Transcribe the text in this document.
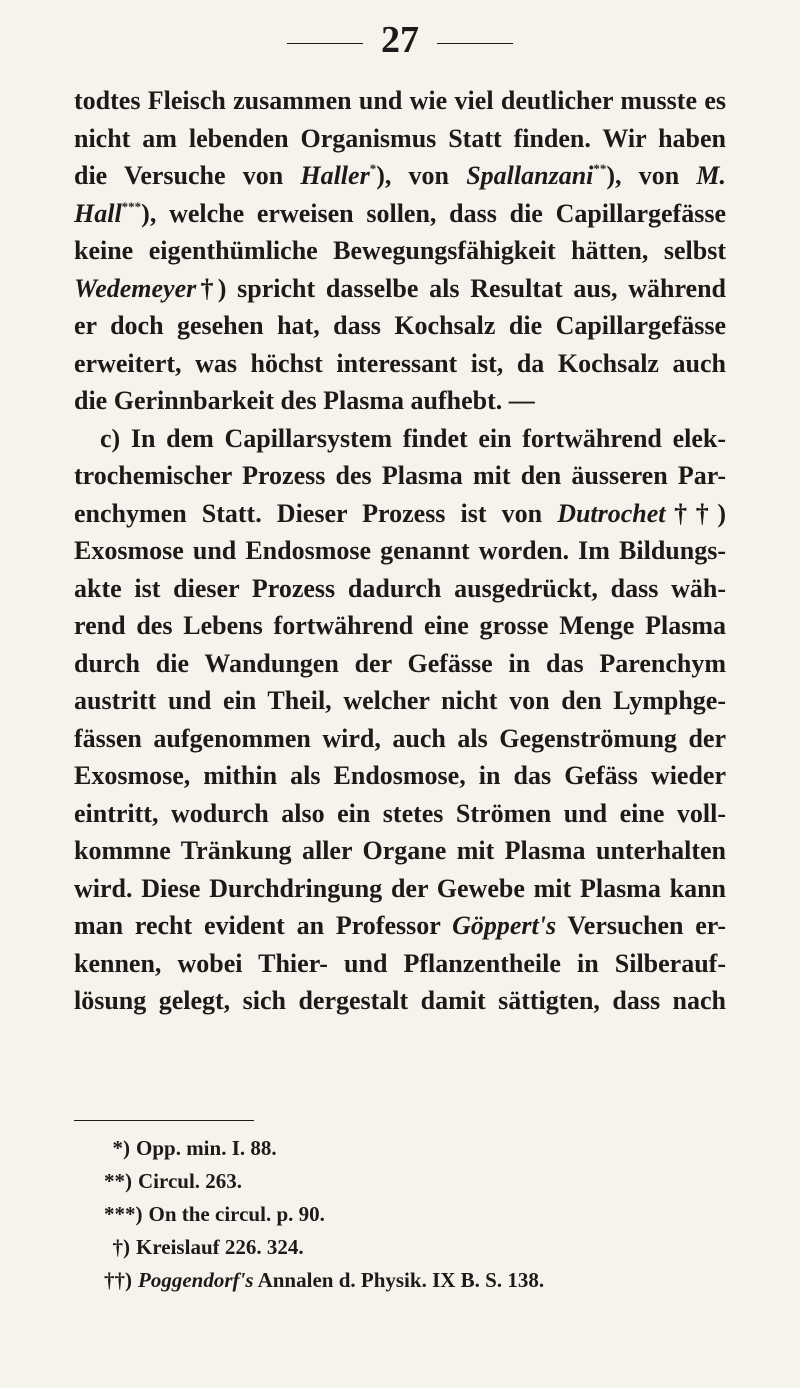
27
todtes Fleisch zusammen und wie viel deutlicher musste es
nicht am lebenden Organismus Statt finden. Wir haben
die Versuche von Haller*), von Spallanzani**), von M.
Hall***), welche erweisen sollen, dass die Capillargefässe
keine eigenthümliche Bewegungsfähigkeit hätten, selbst
Wedemeyer†) spricht dasselbe als Resultat aus, während
er doch gesehen hat, dass Kochsalz die Capillargefässe
erweitert, was höchst interessant ist, da Kochsalz auch
die Gerinnbarkeit des Plasma aufhebt. —
c) In dem Capillarsystem findet ein fortwährend elek-
trochemischer Prozess des Plasma mit den äusseren Par-
enchymen Statt. Dieser Prozess ist von Dutrochet††)
Exosmose und Endosmose genannt worden. Im Bildungs-
akte ist dieser Prozess dadurch ausgedrückt, dass wäh-
rend des Lebens fortwährend eine grosse Menge Plasma
durch die Wandungen der Gefässe in das Parenchym
austritt und ein Theil, welcher nicht von den Lymphge-
fässen aufgenommen wird, auch als Gegenströmung der
Exosmose, mithin als Endosmose, in das Gefäss wieder
eintritt, wodurch also ein stetes Strömen und eine voll-
kommne Tränkung aller Organe mit Plasma unterhalten
wird. Diese Durchdringung der Gewebe mit Plasma kann
man recht evident an Professor Göppert's Versuchen er-
kennen, wobei Thier- und Pflanzentheile in Silberauf-
lösung gelegt, sich dergestalt damit sättigten, dass nach
*) Opp. min. I. 88.
**) Circul. 263.
***) On the circul. p. 90.
†) Kreislauf 226. 324.
††) Poggendorf's Annalen d. Physik. IX B. S. 138.
